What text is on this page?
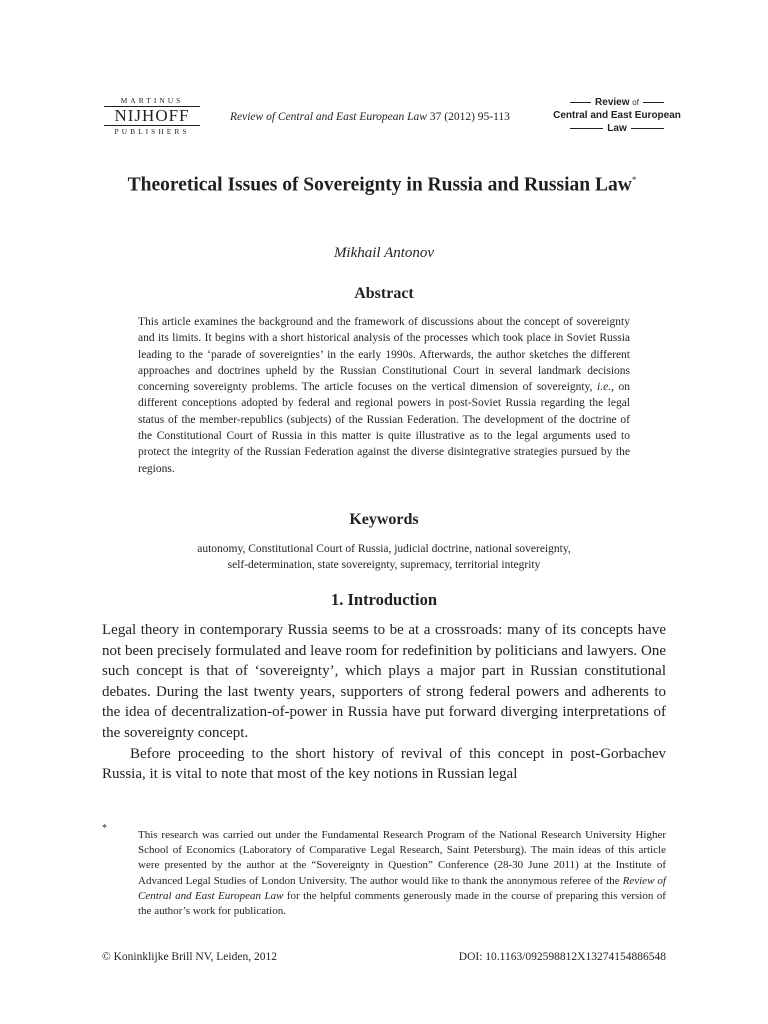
MARTINUS
NIJHOFF
PUBLISHERS
Review of Central and East European Law 37 (2012) 95-113
Review of
Central and East European
Law
Theoretical Issues of Sovereignty in Russia and Russian Law*
Mikhail Antonov
Abstract

This article examines the background and the framework of discussions about the concept of sovereignty and its limits. It begins with a short historical analysis of the processes which took place in Soviet Russia leading to the ‘parade of sovereignties’ in the early 1990s. Afterwards, the author sketches the different approaches and doctrines upheld by the Russian Constitutional Court in several landmark decisions concerning sovereignty problems. The article focuses on the vertical dimension of sovereignty, i.e., on different conceptions adopted by federal and regional powers in post-Soviet Russia regarding the legal status of the member-republics (subjects) of the Russian Federation. The development of the doctrine of the Constitutional Court of Russia in this matter is quite illustrative as to the legal arguments used to protect the integrity of the Russian Federation against the diverse disintegrative strategies pursued by the regions.

Keywords
autonomy, Constitutional Court of Russia, judicial doctrine, national sovereignty,
self-determination, state sovereignty, supremacy, territorial integrity
1. Introduction

Legal theory in contemporary Russia seems to be at a crossroads: many of its concepts have not been precisely formulated and leave room for redefinition by politicians and lawyers. One such concept is that of ‘sovereignty’, which plays a major part in Russian constitutional debates. During the last twenty years, supporters of strong federal powers and adherents to the idea of decentralization-of-power in Russia have put forward diverging interpretations of the sovereignty concept.

Before proceeding to the short history of revival of this concept in post-Gorbachev Russia, it is vital to note that most of the key notions in Russian legal

*

This research was carried out under the Fundamental Research Program of the National Research University Higher School of Economics (Laboratory of Comparative Legal Research, Saint Petersburg). The main ideas of this article were presented by the author at the “Sovereignty in Question” Conference (28-30 June 2011) at the Institute of Advanced Legal Studies of London University. The author would like to thank the anonymous referee of the Review of Central and East European Law for the helpful comments generously made in the course of preparing this version of the author’s work for publication.

© Koninklijke Brill NV, Leiden, 2012	DOI: 10.1163/092598812X13274154886548
